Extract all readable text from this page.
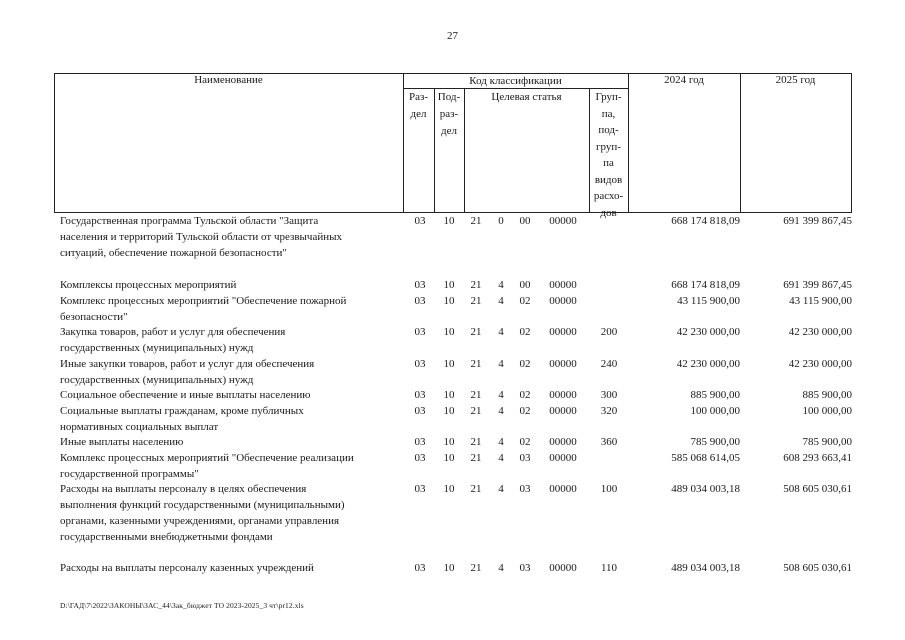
27
Наименование	Код классификации	2024 год	2025 год
Раз-
дел
Под-
раз-
дел
Целевая статья	Груп-
па,
под-
груп-
па
видов
расхо-
дов
Государственная программа Тульской области "Защита
населения и территорий Тульской области от чрезвычайных
ситуаций, обеспечение пожарной безопасности"
03	10	21	0	00	00000	668 174 818,09	691 399 867,45
Комплексы процессных мероприятий	03	10	21	4	00	00000	668 174 818,09	691 399 867,45
Комплекс процессных мероприятий "Обеспечение пожарной
безопасности"
03	10	21	4	02	00000	43 115 900,00	43 115 900,00
Закупка товаров, работ и услуг для обеспечения
государственных (муниципальных) нужд
03	10	21	4	02	00000	200	42 230 000,00	42 230 000,00
Иные закупки товаров, работ и услуг для обеспечения
государственных (муниципальных) нужд
03	10	21	4	02	00000	240	42 230 000,00	42 230 000,00
Социальное обеспечение и иные выплаты населению	03	10	21	4	02	00000	300	885 900,00	885 900,00
Социальные выплаты гражданам, кроме публичных
нормативных социальных выплат
03	10	21	4	02	00000	320	100 000,00	100 000,00
Иные выплаты населению	03	10	21	4	02	00000	360	785 900,00	785 900,00
Комплекс процессных мероприятий "Обеспечение реализации
государственной программы"
03	10	21	4	03	00000	585 068 614,05	608 293 663,41
Расходы на выплаты персоналу в целях обеспечения
выполнения функций государственными (муниципальными)
органами, казенными учреждениями, органами управления
государственными внебюджетными фондами
03	10	21	4	03	00000	100	489 034 003,18	508 605 030,61
Расходы на выплаты персоналу казенных учреждений	03	10	21	4	03	00000	110	489 034 003,18	508 605 030,61
D:\ГАД\7\2022\ЗАКОНЫ\ЗАС_44\Зак_бюджет ТО 2023-2025_3 чт\pr12.xls
